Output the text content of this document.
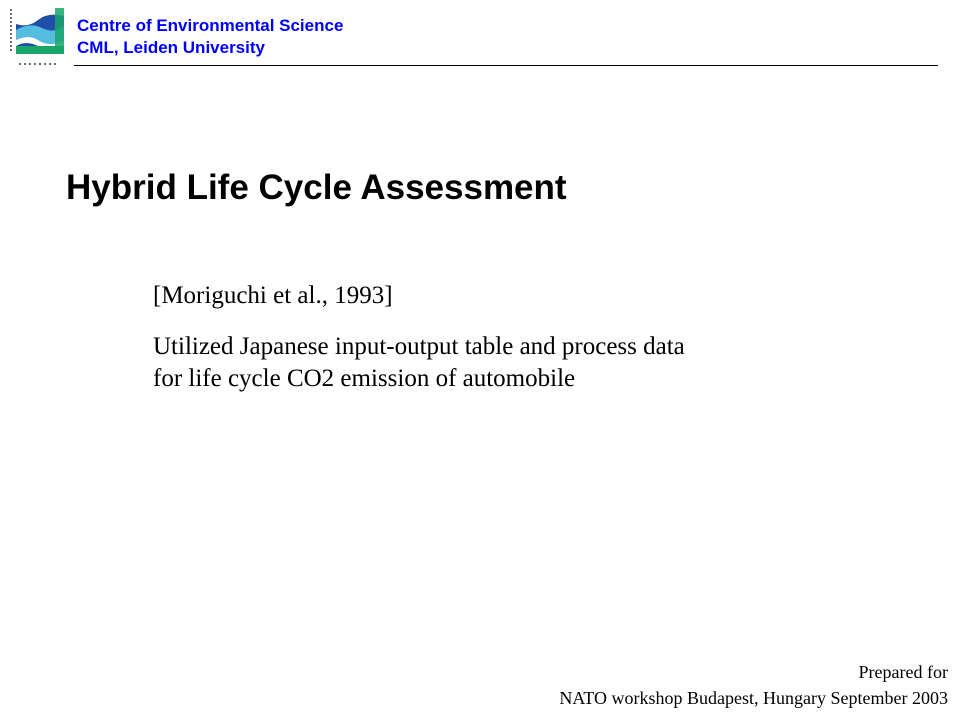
Centre of Environmental Science
CML, Leiden University
Hybrid Life Cycle Assessment

[Moriguchi et al., 1993]

Utilized Japanese input-output table and process data
for life cycle CO2 emission of automobile
Prepared for
NATO workshop Budapest, Hungary September 2003
